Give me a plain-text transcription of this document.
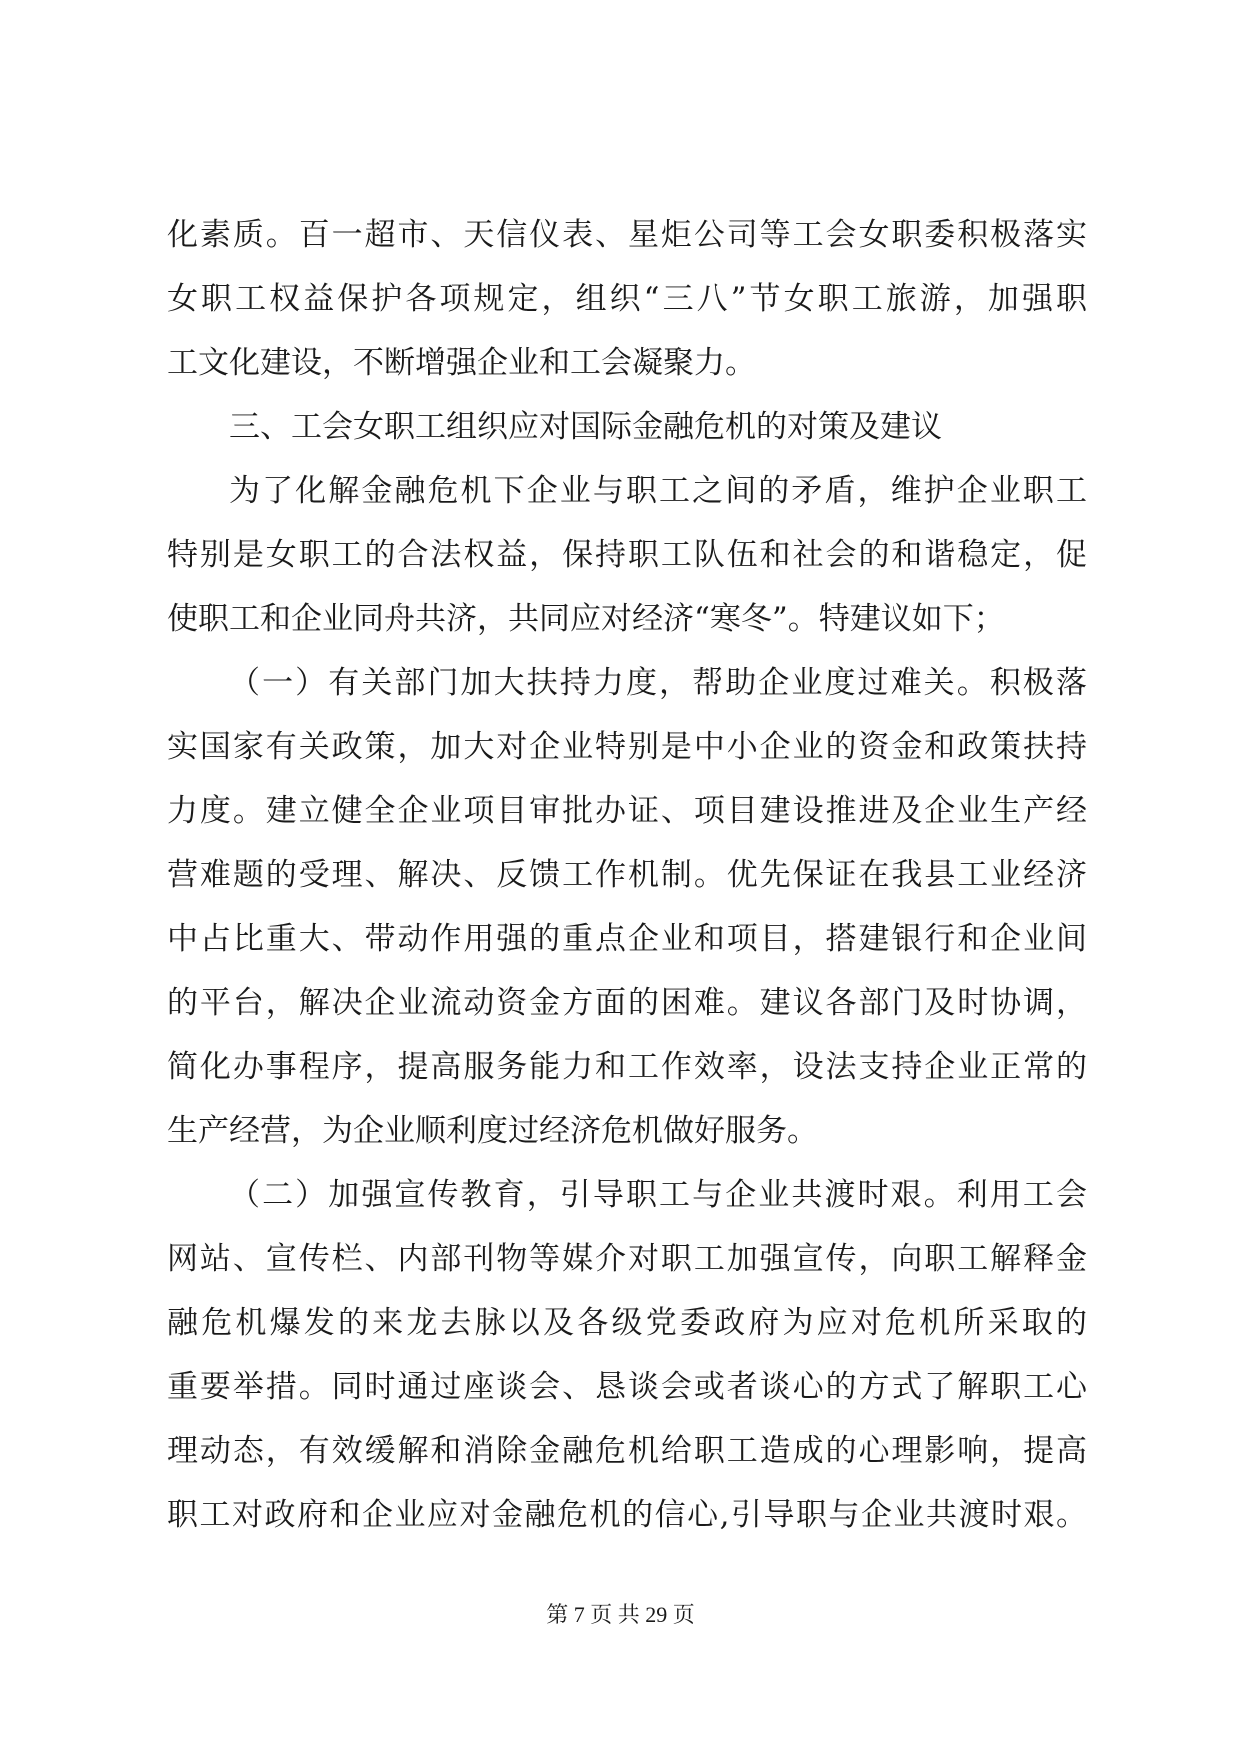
化素质。百一超市、天信仪表、星炬公司等工会女职委积极落实
女职工权益保护各项规定，组织“三八”节女职工旅游，加强职
工文化建设，不断增强企业和工会凝聚力。
三、工会女职工组织应对国际金融危机的对策及建议
为了化解金融危机下企业与职工之间的矛盾，维护企业职工
特别是女职工的合法权益，保持职工队伍和社会的和谐稳定，促
使职工和企业同舟共济，共同应对经济“寒冬”。特建议如下；
（一）有关部门加大扶持力度，帮助企业度过难关。积极落
实国家有关政策，加大对企业特别是中小企业的资金和政策扶持
力度。建立健全企业项目审批办证、项目建设推进及企业生产经
营难题的受理、解决、反馈工作机制。优先保证在我县工业经济
中占比重大、带动作用强的重点企业和项目，搭建银行和企业间
的平台，解决企业流动资金方面的困难。建议各部门及时协调，
简化办事程序，提高服务能力和工作效率，设法支持企业正常的
生产经营，为企业顺利度过经济危机做好服务。
（二）加强宣传教育，引导职工与企业共渡时艰。利用工会
网站、宣传栏、内部刊物等媒介对职工加强宣传，向职工解释金
融危机爆发的来龙去脉以及各级党委政府为应对危机所采取的
重要举措。同时通过座谈会、恳谈会或者谈心的方式了解职工心
理动态，有效缓解和消除金融危机给职工造成的心理影响，提高
职工对政府和企业应对金融危机的信心,引导职与企业共渡时艰。
第 7 页 共 29 页
